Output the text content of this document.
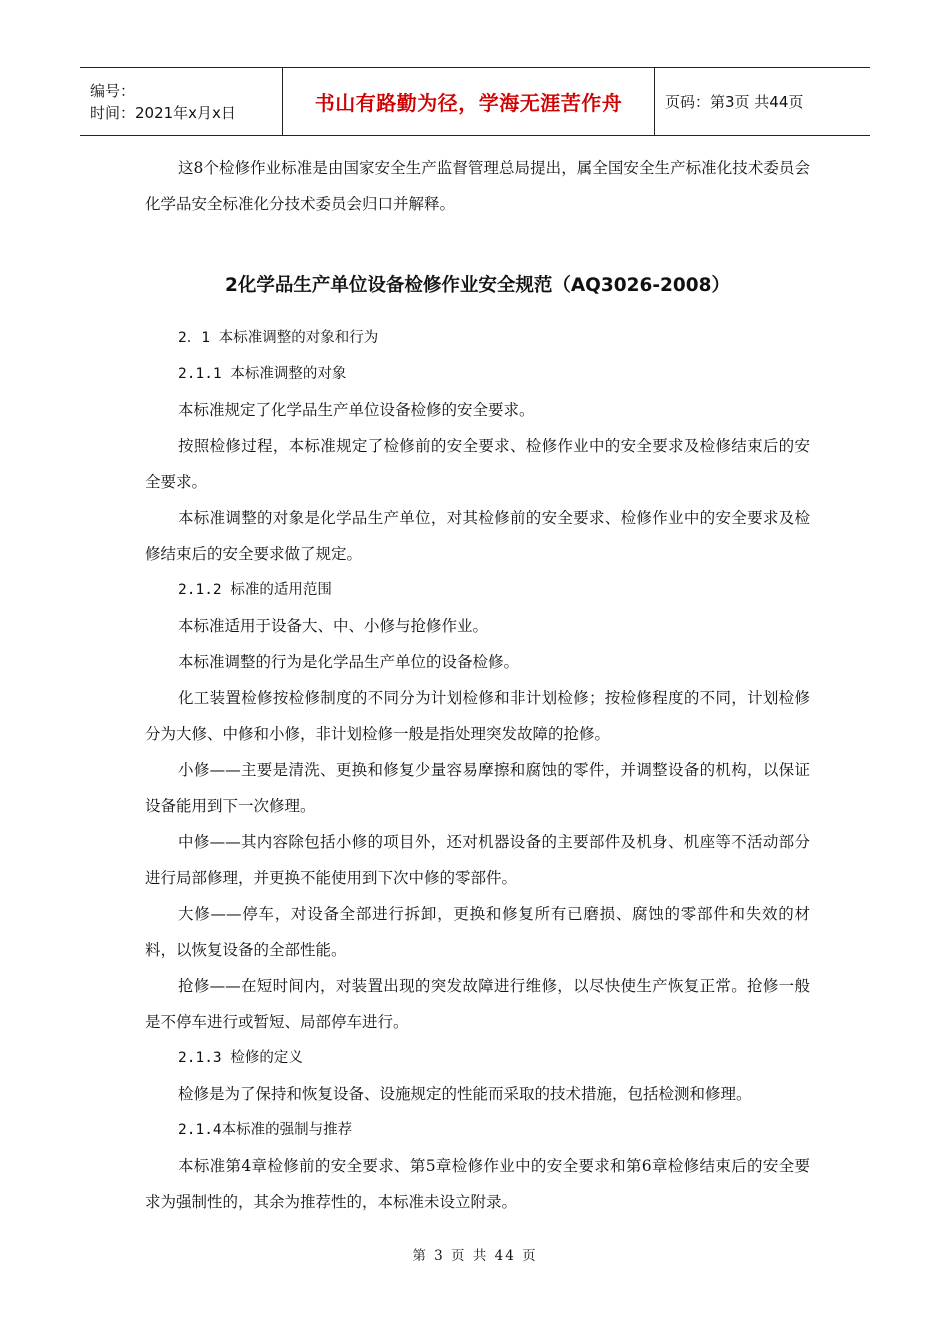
编号：
时间：2021年x月x日	书山有路勤为径，学海无涯苦作舟	页码：第3页 共44页

这8个检修作业标准是由国家安全生产监督管理总局提出，属全国安全生产标准化技术委员会化学品安全标准化分技术委员会归口并解释。

2化学品生产单位设备检修作业安全规范（AQ3026-2008）

2．1 本标准调整的对象和行为

2.1.1 本标准调整的对象

本标准规定了化学品生产单位设备检修的安全要求。

按照检修过程，本标准规定了检修前的安全要求、检修作业中的安全要求及检修结束后的安全要求。

本标准调整的对象是化学品生产单位，对其检修前的安全要求、检修作业中的安全要求及检修结束后的安全要求做了规定。

2.1.2 标准的适用范围

本标准适用于设备大、中、小修与抢修作业。

本标准调整的行为是化学品生产单位的设备检修。

化工装置检修按检修制度的不同分为计划检修和非计划检修；按检修程度的不同，计划检修分为大修、中修和小修，非计划检修一般是指处理突发故障的抢修。

小修——主要是清洗、更换和修复少量容易摩擦和腐蚀的零件，并调整设备的机构，以保证设备能用到下一次修理。

中修——其内容除包括小修的项目外，还对机器设备的主要部件及机身、机座等不活动部分进行局部修理，并更换不能使用到下次中修的零部件。

大修——停车，对设备全部进行拆卸，更换和修复所有已磨损、腐蚀的零部件和失效的材料，以恢复设备的全部性能。

抢修——在短时间内，对装置出现的突发故障进行维修，以尽快使生产恢复正常。抢修一般是不停车进行或暂短、局部停车进行。

2.1.3 检修的定义

检修是为了保持和恢复设备、设施规定的性能而采取的技术措施，包括检测和修理。

2.1.4本标准的强制与推荐

本标准第4章检修前的安全要求、第5章检修作业中的安全要求和第6章检修结束后的安全要求为强制性的，其余为推荐性的，本标准未设立附录。

第 3 页 共 44 页
